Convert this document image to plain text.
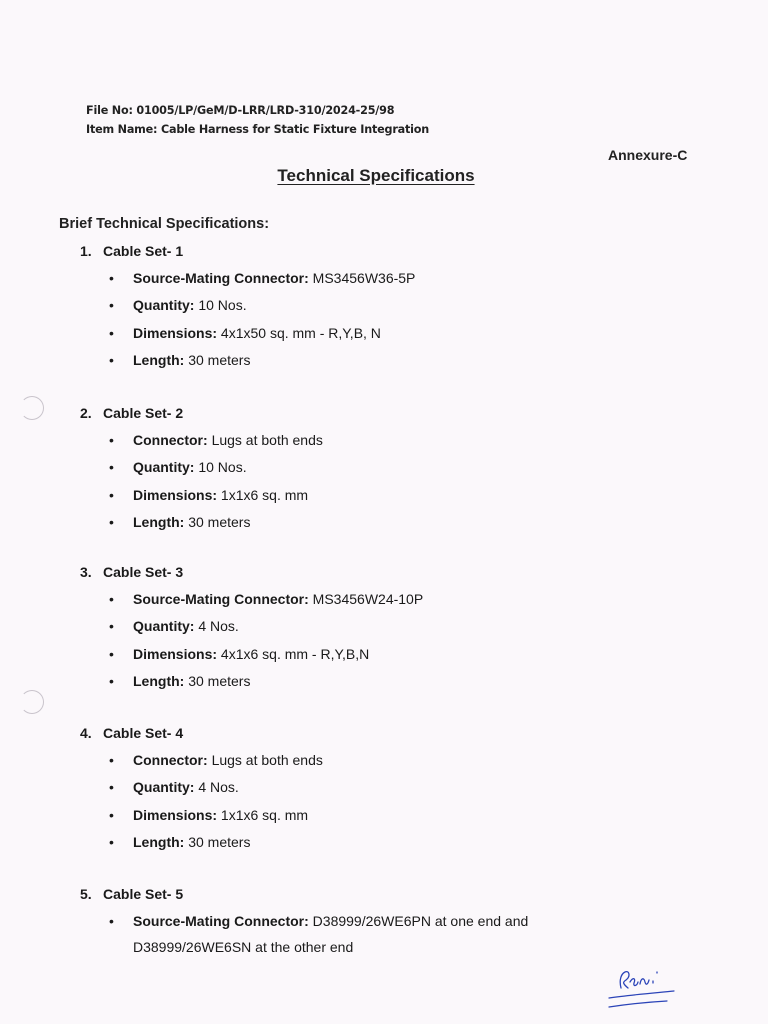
File No: 01005/LP/GeM/D-LRR/LRD-310/2024-25/98
Item Name: Cable Harness for Static Fixture Integration
Annexure-C
Technical Specifications
Brief Technical Specifications:
1. Cable Set- 1
• Source-Mating Connector: MS3456W36-5P
• Quantity: 10 Nos.
• Dimensions: 4x1x50 sq. mm - R,Y,B, N
• Length: 30 meters
2. Cable Set- 2
• Connector: Lugs at both ends
• Quantity: 10 Nos.
• Dimensions: 1x1x6 sq. mm
• Length: 30 meters
3. Cable Set- 3
• Source-Mating Connector: MS3456W24-10P
• Quantity: 4 Nos.
• Dimensions: 4x1x6 sq. mm - R,Y,B,N
• Length: 30 meters
4. Cable Set- 4
• Connector: Lugs at both ends
• Quantity: 4 Nos.
• Dimensions: 1x1x6 sq. mm
• Length: 30 meters
5. Cable Set- 5
• Source-Mating Connector: D38999/26WE6PN at one end and
D38999/26WE6SN at the other end
